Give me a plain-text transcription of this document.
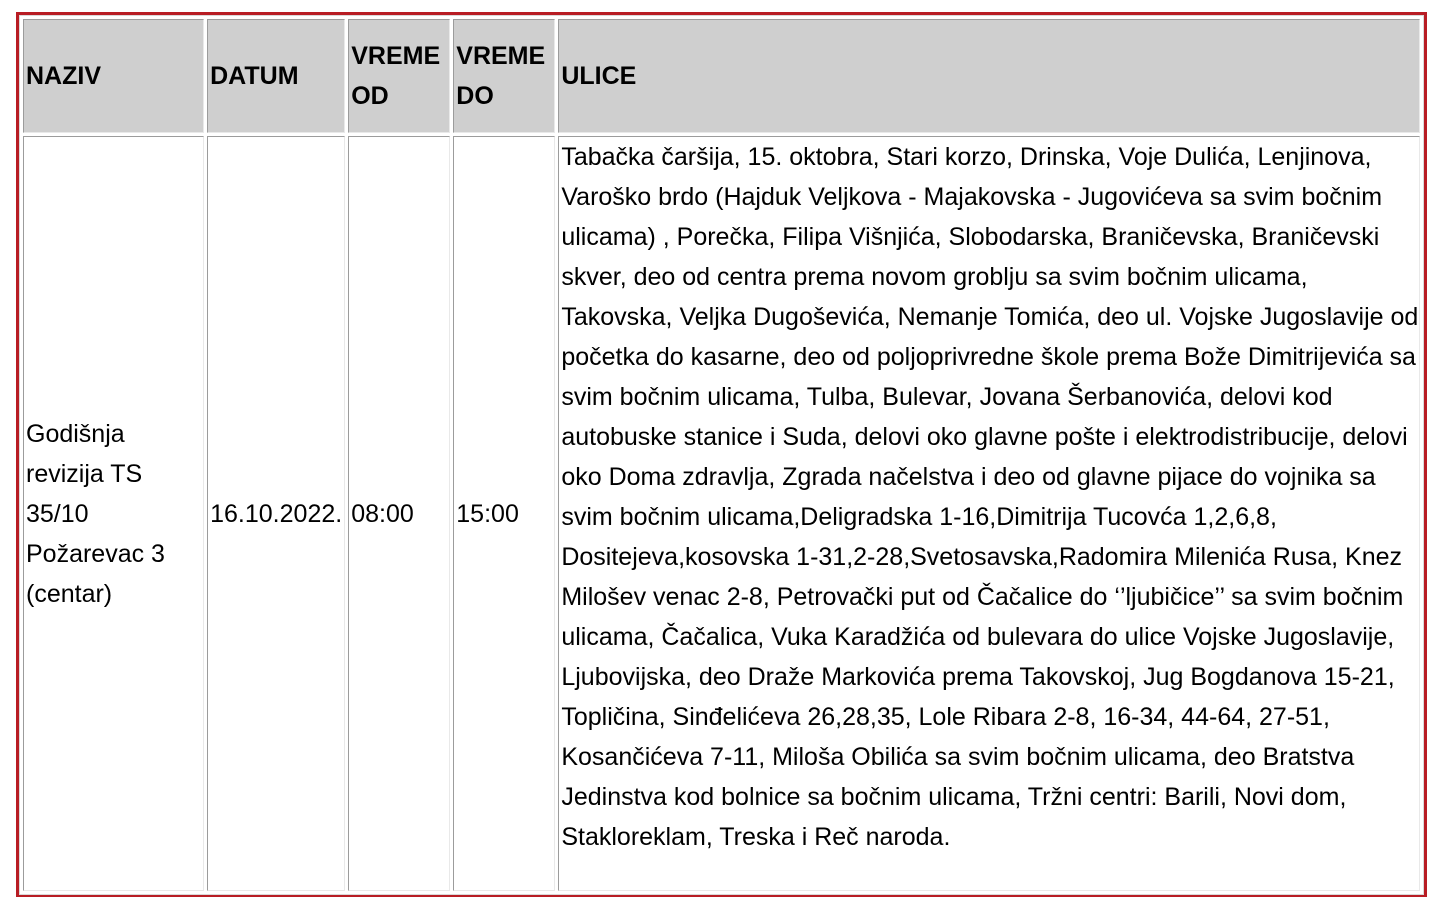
NAZIV	DATUM	VREME OD	VREME DO	ULICE

Godišnja revizija TS 35/10 Požarevac 3 (centar)	16.10.2022.	08:00	15:00	Tabačka čaršija, 15. oktobra, Stari korzo, Drinska, Voje Dulića, Lenjinova, Varoško brdo (Hajduk Veljkova - Majakovska - Jugovićeva sa svim bočnim ulicama) , Porečka, Filipa Višnjića, Slobodarska, Braničevska, Braničevski skver, deo od centra prema novom groblju sa svim bočnim ulicama, Takovska, Veljka Dugoševića, Nemanje Tomića, deo ul. Vojske Jugoslavije od početka do kasarne, deo od poljoprivredne škole prema Bože Dimitrijevića sa svim bočnim ulicama, Tulba, Bulevar, Jovana Šerbanovića, delovi kod autobuske stanice i Suda, delovi oko glavne pošte i elektrodistribucije, delovi oko Doma zdravlja, Zgrada načelstva i deo od glavne pijace do vojnika sa svim bočnim ulicama,Deligradska 1-16,Dimitrija Tucovća 1,2,6,8, Dositejeva,kosovska 1-31,2-28,Svetosavska,Radomira Milenića Rusa, Knez Milošev venac 2-8, Petrovački put od Čačalice do ‘’ljubičice’’ sa svim bočnim ulicama, Čačalica, Vuka Karadžića od bulevara do ulice Vojske Jugoslavije, Ljubovijska, deo Draže Markovića prema Takovskoj, Jug Bogdanova 15-21, Topličina, Sinđelićeva 26,28,35, Lole Ribara 2-8, 16-34, 44-64, 27-51, Kosančićeva 7-11, Miloša Obilića sa svim bočnim ulicama, deo Bratstva Jedinstva kod bolnice sa bočnim ulicama, Tržni centri: Barili, Novi dom, Stakloreklam, Treska i Reč naroda.
